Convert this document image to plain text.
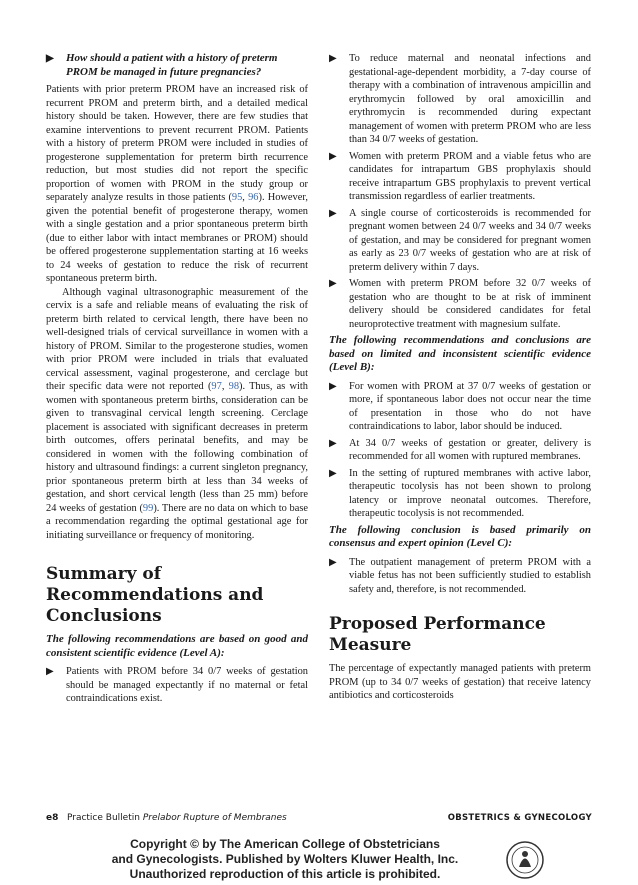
▶	How should a patient with a history of preterm PROM be managed in future pregnancies?

Patients with prior preterm PROM have an increased risk of recurrent PROM and preterm birth, and a detailed medical history should be taken. However, there are few studies that examine interventions to prevent recurrent PROM. Patients with a history of preterm PROM were included in studies of progesterone supplementation for preterm birth recurrence reduction, but most studies did not report the specific proportion of women with PROM in the study group or separately analyze results in those patients (95, 96). However, given the potential benefit of progesterone therapy, women with a single gestation and a prior spontaneous preterm birth (due to either labor with intact membranes or PROM) should be offered progesterone supplementation starting at 16 weeks to 24 weeks of gestation to reduce the risk of recurrent spontaneous preterm birth.

Although vaginal ultrasonographic measurement of the cervix is a safe and reliable means of evaluating the risk of preterm birth related to cervical length, there have been no well-designed trials of cervical surveillance in women with a history of PROM. Similar to the progesterone studies, women with prior PROM were included in trials that evaluated cervical assessment, vaginal progesterone, and cerclage but their specific data were not reported (97, 98). Thus, as with women with spontaneous preterm births, consideration can be given to transvaginal cervical length screening. Cerclage placement is associated with significant decreases in preterm birth outcomes, offers perinatal benefits, and may be considered in women with the following combination of history and ultrasound findings: a current singleton pregnancy, prior spontaneous preterm birth at less than 34 weeks of gestation, and short cervical length (less than 25 mm) before 24 weeks of gestation (99). There are no data on which to base a recommendation regarding the optimal gestational age for initiating surveillance or frequency of monitoring.

Summary of Recommendations and Conclusions
The following recommendations are based on good and consistent scientific evidence (Level A):
▶	Patients with PROM before 34 0/7 weeks of gestation should be managed expectantly if no maternal or fetal contraindications exist.

▶	To reduce maternal and neonatal infections and gestational-age-dependent morbidity, a 7-day course of therapy with a combination of intravenous ampicillin and erythromycin followed by oral amoxicillin and erythromycin is recommended during expectant management of women with preterm PROM who are less than 34 0/7 weeks of gestation.

▶	Women with preterm PROM and a viable fetus who are candidates for intrapartum GBS prophylaxis should receive intrapartum GBS prophylaxis to prevent vertical transmission regardless of earlier treatments.

▶	A single course of corticosteroids is recommended for pregnant women between 24 0/7 weeks and 34 0/7 weeks of gestation, and may be considered for pregnant women as early as 23 0/7 weeks of gestation who are at risk of preterm delivery within 7 days.

▶	Women with preterm PROM before 32 0/7 weeks of gestation who are thought to be at risk of imminent delivery should be considered candidates for fetal neuroprotective treatment with magnesium sulfate.

The following recommendations and conclusions are based on limited and inconsistent scientific evidence (Level B):
▶	For women with PROM at 37 0/7 weeks of gestation or more, if spontaneous labor does not occur near the time of presentation in those who do not have contraindications to labor, labor should be induced.

▶	At 34 0/7 weeks of gestation or greater, delivery is recommended for all women with ruptured membranes.

▶	In the setting of ruptured membranes with active labor, therapeutic tocolysis has not been shown to prolong latency or improve neonatal outcomes. Therefore, therapeutic tocolysis is not recommended.

The following conclusion is based primarily on consensus and expert opinion (Level C):
▶	The outpatient management of preterm PROM with a viable fetus has not been sufficiently studied to establish safety and, therefore, is not recommended.

Proposed Performance Measure

The percentage of expectantly managed patients with preterm PROM (up to 34 0/7 weeks of gestation) that receive latency antibiotics and corticosteroids

e8 Practice Bulletin Prelabor Rupture of Membranes	OBSTETRICS & GYNECOLOGY
Copyright © by The American College of Obstetricians
and Gynecologists. Published by Wolters Kluwer Health, Inc.
Unauthorized reproduction of this article is prohibited.
